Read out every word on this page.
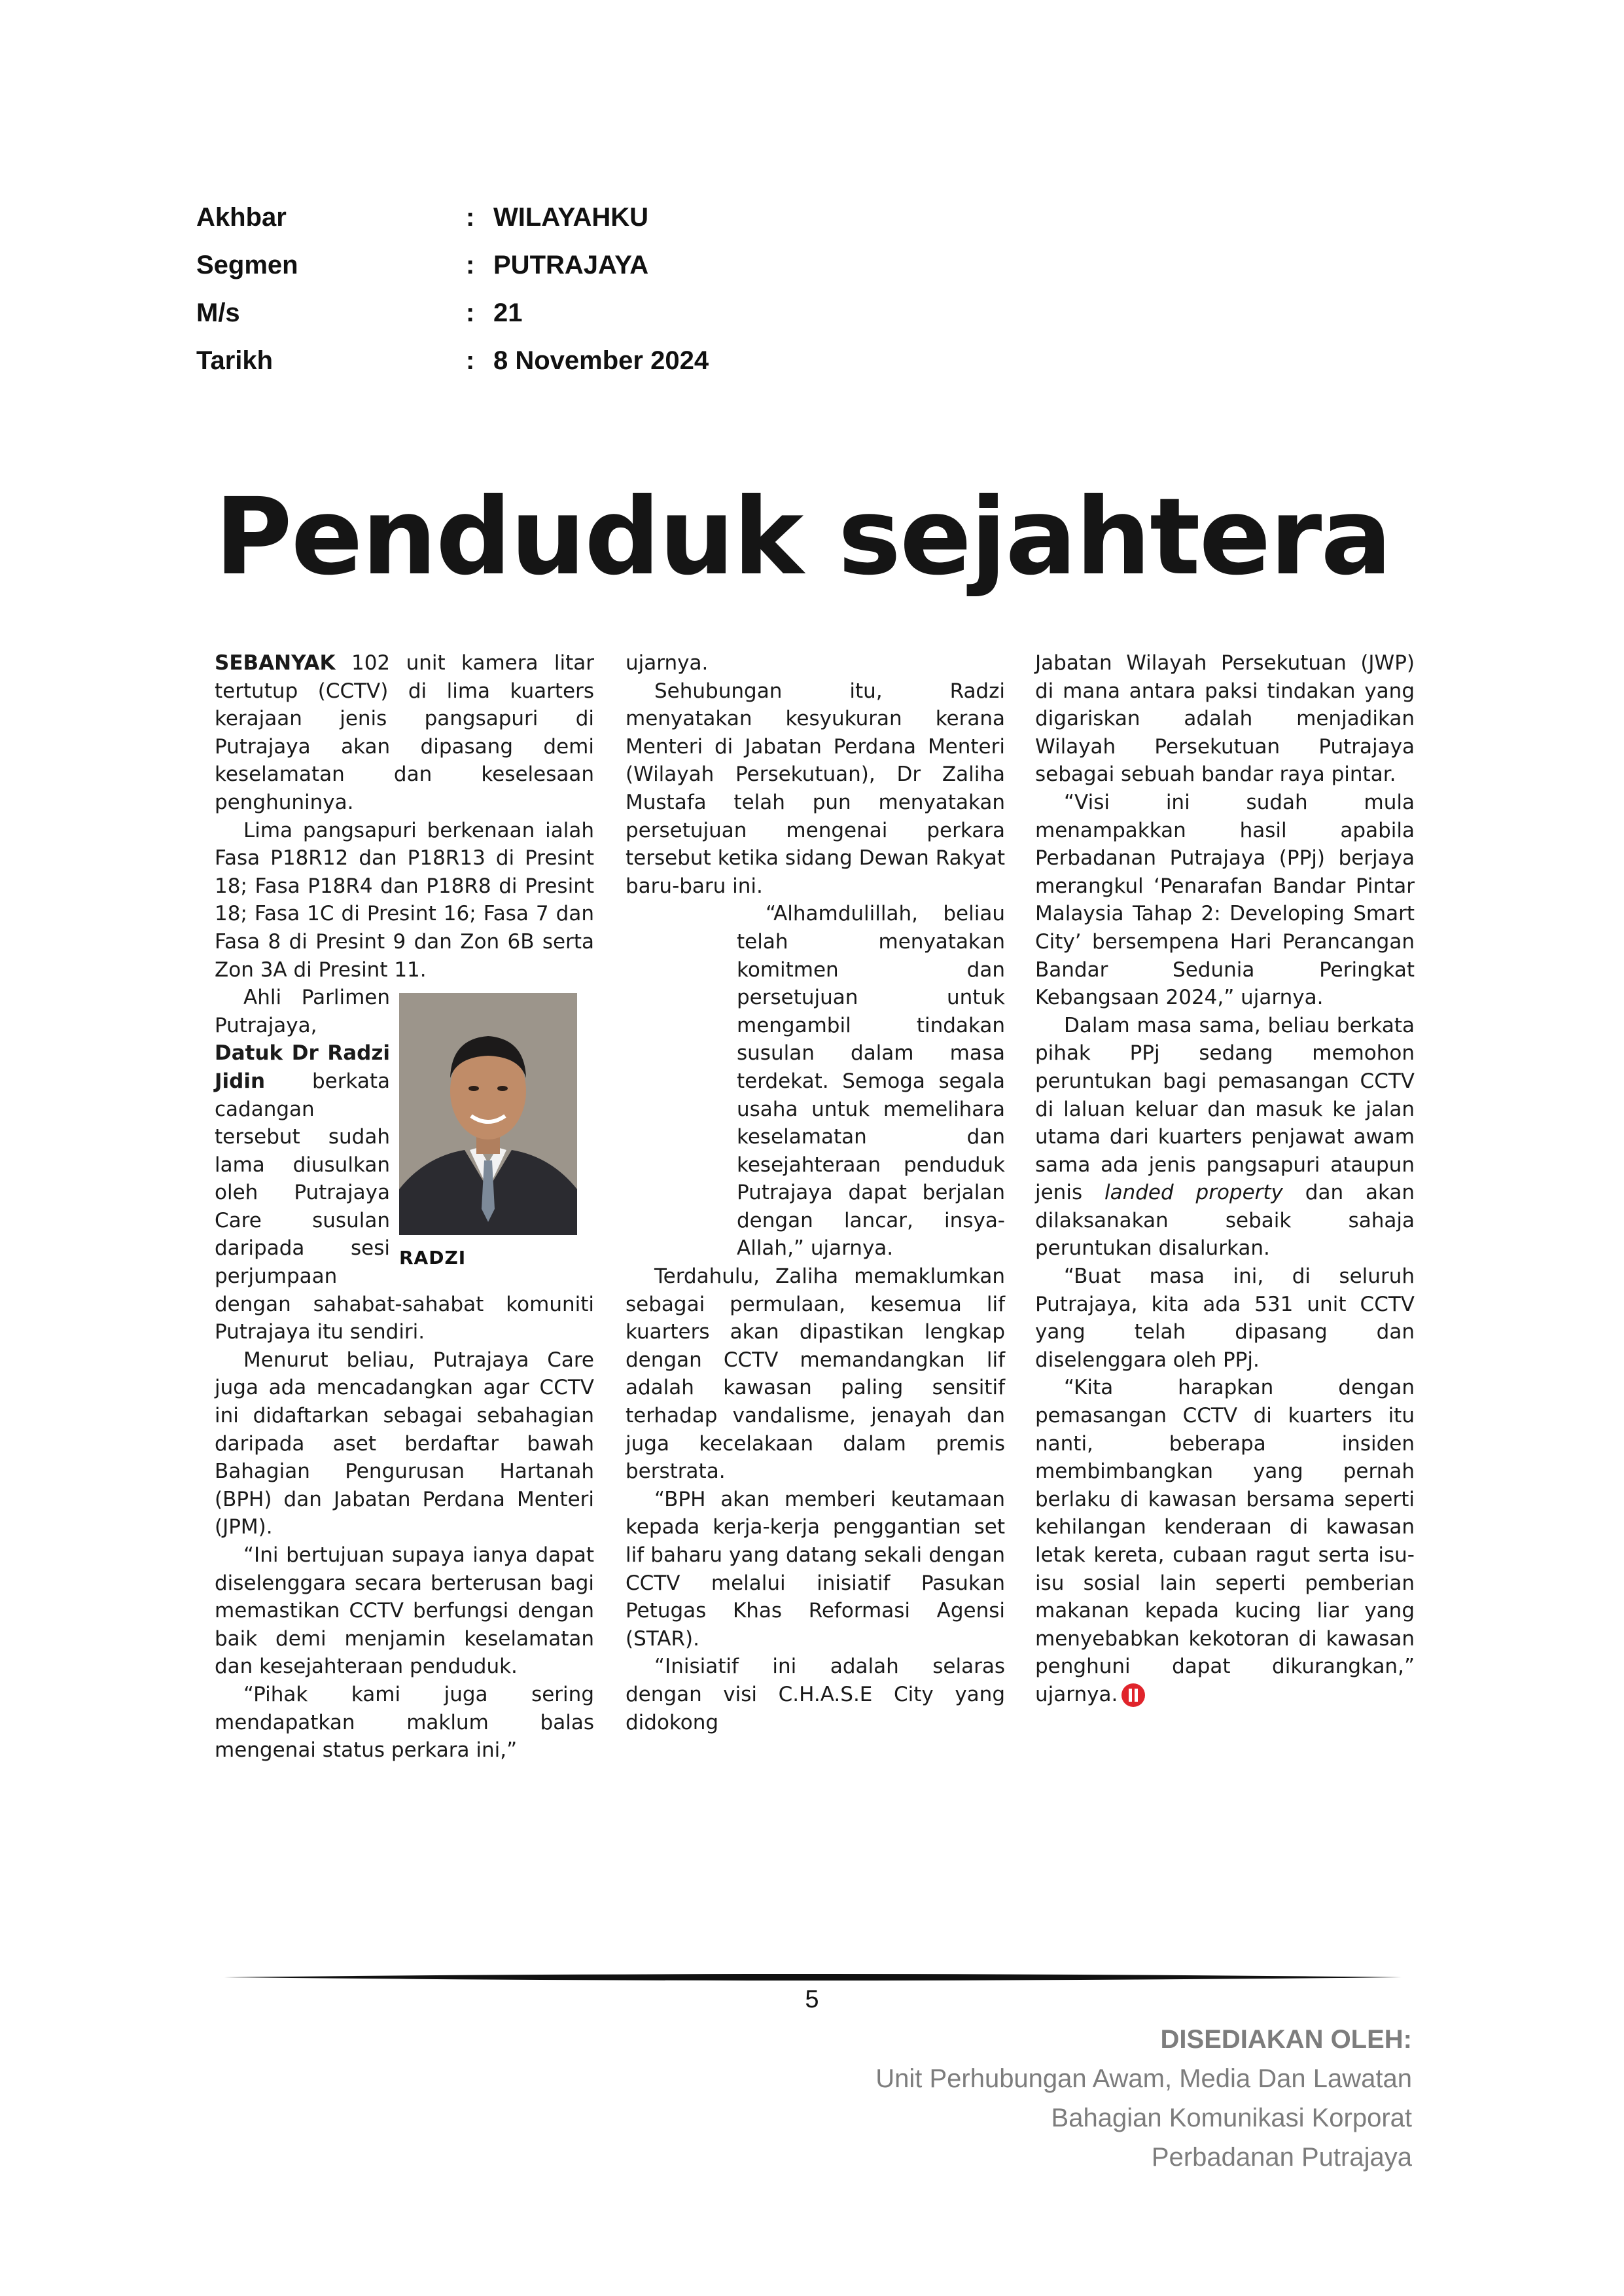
Akhbar	: WILAYAHKU
Segmen	: PUTRAJAYA
M/s	: 21
Tarikh	: 8 November 2024
Penduduk sejahtera

SEBANYAK 102 unit kamera litar tertutup (CCTV) di lima kuarters kerajaan jenis pangsapuri di Putrajaya akan dipasang demi keselamatan dan keselesaan penghuninya.

Lima pangsapuri berkenaan ialah Fasa P18R12 dan P18R13 di Presint 18; Fasa P18R4 dan P18R8 di Presint 18; Fasa 1C di Presint 16; Fasa 7 dan Fasa 8 di Presint 9 dan Zon 6B serta Zon 3A di Presint 11.

RADZI

Ahli Parlimen Putrajaya, Datuk Dr Radzi Jidin berkata cadangan tersebut sudah lama diusulkan oleh Putrajaya Care susulan daripada sesi perjumpaan dengan sahabat-sahabat komuniti Putrajaya itu sendiri.

Menurut beliau, Putrajaya Care juga ada mencadangkan agar CCTV ini didaftarkan sebagai sebahagian daripada aset berdaftar bawah Bahagian Pengurusan Hartanah (BPH) dan Jabatan Perdana Menteri (JPM).

“Ini bertujuan supaya ianya dapat diselenggara secara berterusan bagi memastikan CCTV berfungsi dengan baik demi menjamin keselamatan dan kesejahteraan penduduk.

“Pihak kami juga sering mendapatkan maklum balas mengenai status perkara ini,”

ujarnya.

Sehubungan itu, Radzi menyatakan kesyukuran kerana Menteri di Jabatan Perdana Menteri (Wilayah Persekutuan), Dr Zaliha Mustafa telah pun menyatakan persetujuan mengenai perkara tersebut ketika sidang Dewan Rakyat baru-baru ini.

“Alhamdulillah, beliau telah menyatakan komitmen dan persetujuan untuk mengambil tindakan susulan dalam masa terdekat. Semoga segala usaha untuk memelihara keselamatan dan kesejahteraan penduduk Putrajaya dapat berjalan dengan lancar, insya-Allah,” ujarnya.

Terdahulu, Zaliha memaklumkan sebagai permulaan, kesemua lif kuarters akan dipastikan lengkap dengan CCTV memandangkan lif adalah kawasan paling sensitif terhadap vandalisme, jenayah dan juga kecelakaan dalam premis berstrata.

“BPH akan memberi keutamaan kepada kerja-kerja penggantian set lif baharu yang datang sekali dengan CCTV melalui inisiatif Pasukan Petugas Khas Reformasi Agensi (STAR).

“Inisiatif ini adalah selaras dengan visi C.H.A.S.E City yang didokong

Jabatan Wilayah Persekutuan (JWP) di mana antara paksi tindakan yang digariskan adalah menjadikan Wilayah Persekutuan Putrajaya sebagai sebuah bandar raya pintar.

“Visi ini sudah mula menampakkan hasil apabila Perbadanan Putrajaya (PPj) berjaya merangkul ‘Penarafan Bandar Pintar Malaysia Tahap 2: Developing Smart City’ bersempena Hari Perancangan Bandar Sedunia Peringkat Kebangsaan 2024,” ujarnya.

Dalam masa sama, beliau berkata pihak PPj sedang memohon peruntukan bagi pemasangan CCTV di laluan keluar dan masuk ke jalan utama dari kuarters penjawat awam sama ada jenis pangsapuri ataupun jenis landed property dan akan dilaksanakan sebaik sahaja peruntukan disalurkan.

“Buat masa ini, di seluruh Putrajaya, kita ada 531 unit CCTV yang telah dipasang dan diselenggara oleh PPj.

“Kita harapkan dengan pemasangan CCTV di kuarters itu nanti, beberapa insiden membimbangkan yang pernah berlaku di kawasan bersama seperti kehilangan kenderaan di kawasan letak kereta, cubaan ragut serta isu-isu sosial lain seperti pemberian makanan kepada kucing liar yang menyebabkan kekotoran di kawasan penghuni dapat dikurangkan,” ujarnya.

5
DISEDIAKAN OLEH:
Unit Perhubungan Awam, Media Dan Lawatan
Bahagian Komunikasi Korporat
Perbadanan Putrajaya
